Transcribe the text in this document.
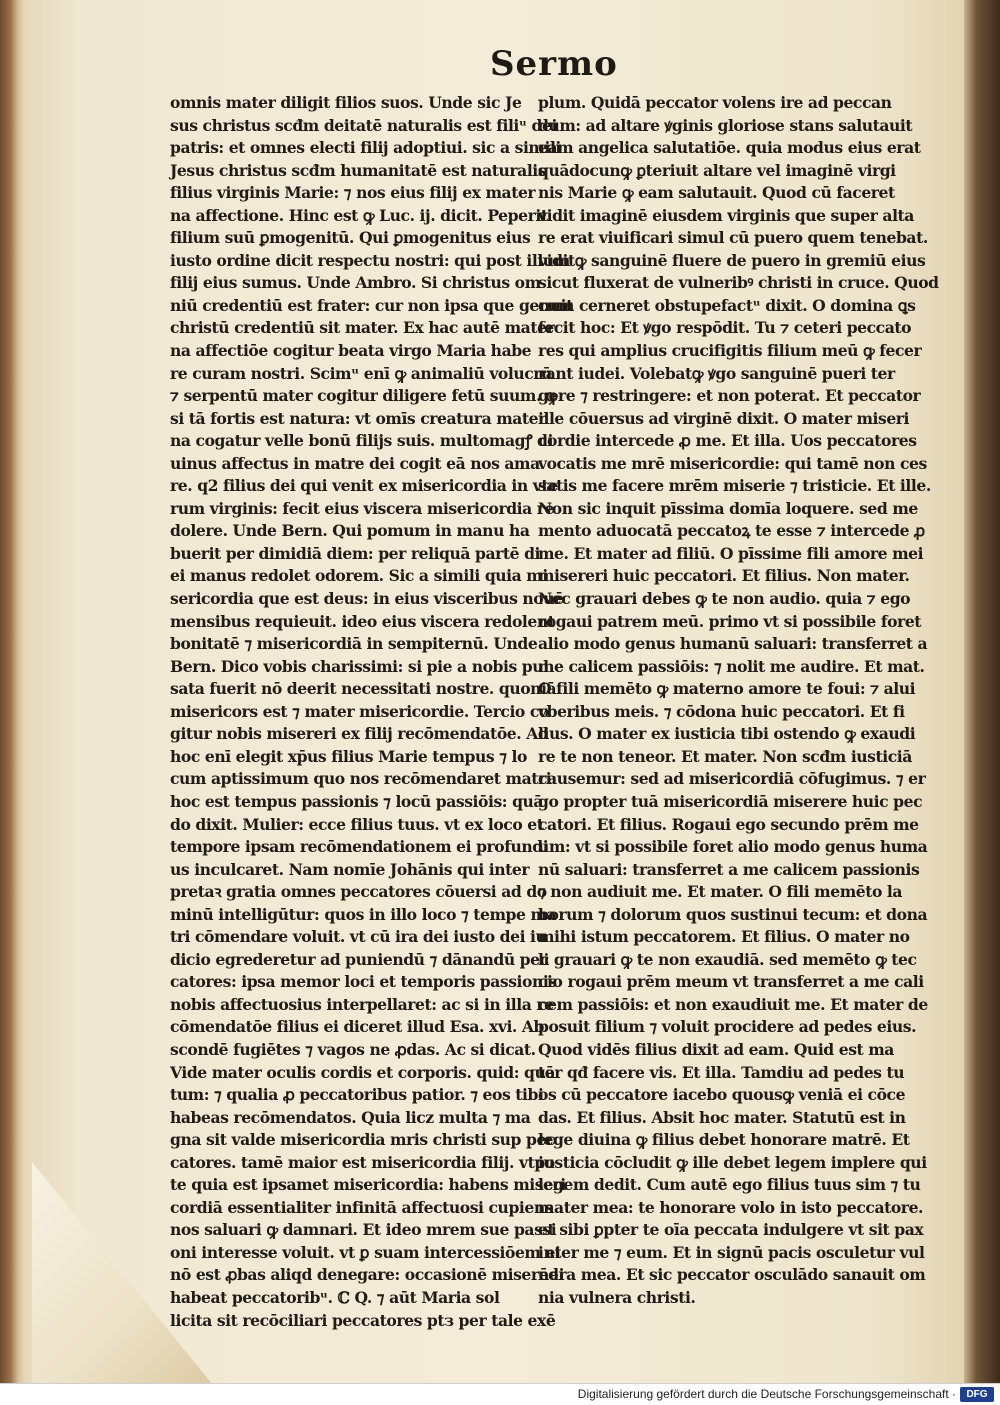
Sermo
omnis mater diligit filios suos. Unde sic Je
sus christus scđm deitatē naturalis est filiᵘ dei
patris: et omnes electi filij adoptiui. sic a simili
Jesus christus scđm humanitatē est naturalis
filius virginis Marie: ⁊ nos eius filij ex mater
na affectione. Hinc est ꝙ Luc. ij. dicit. Peperit
filium suū ꝑmogenitū. Qui ꝑmogenitus eius
iusto ordine dicit respectu nostri: qui post illum
filij eius sumus. Unde Ambro. Si christus om
niū credentiū est frater: cur non ipsa que genuit
christū credentiū sit mater. Ex hac autē mater
na affectiōe cogitur beata virgo Maria habe
re curam nostri. Scimᵘ enī ꝙ animaliū volucrū
⁊ serpentū mater cogitur diligere fetū suum. ꝙ
si tā fortis est natura: vt omīs creatura mater
na cogatur velle bonū filijs suis. multomagꝭ di
uinus affectus in matre dei cogit eā nos ama
re. q2 filius dei qui venit ex misericordia in vte
rum virginis: fecit eius viscera misericordia re
dolere. Unde Bern. Qui pomum in manu ha
buerit per dimidiā diem: per reliquā partē di
ei manus redolet odorem. Sic a simili quia mi
sericordia que est deus: in eius visceribus nouē
mensibus requieuit. ideo eius viscera redolent
bonitatē ⁊ misericordiā in sempiternū. Unde
Bern. Dico vobis charissimi: si pie a nobis pul
sata fuerit nō deerit necessitati nostre. quoniā
misericors est ⁊ mater misericordie. Tercio co
gitur nobis misereri ex filij recōmendatōe. Ad
hoc enī elegit xp̄us filius Marie tempus ⁊ lo
cum aptissimum quo nos recōmendaret matri:
hoc est tempus passionis ⁊ locū passiōis: quā
do dixit. Mulier: ecce filius tuus. vt ex loco et
tempore ipsam recōmendationem ei profundi
us inculcaret. Nam nomīe Johānis qui inter
pretaꝛ gratia omnes peccatores cōuersi ad do
minū intelligūtur: quos in illo loco ⁊ tempe ma
tri cōmendare voluit. vt cū ira dei iusto dei iu
dicio egrederetur ad puniendū ⁊ dānandū pec
catores: ipsa memor loci et temporis passionis
nobis affectuosius interpellaret: ac si in illa re
cōmendatōe filius ei diceret illud Esa. xvi. Ab
scondē fugiētes ⁊ vagos ne ꝓdas. Ac si dicat.
Vide mater oculis cordis et corporis. quid: quā
tum: ⁊ qualia ꝓ peccatoribus patior. ⁊ eos tibi
habeas recōmendatos. Quia licz multa ⁊ ma
gna sit valde misericordia mris christi sup pec
catores. tamē maior est misericordia filij. vtpo
te quia est ipsamet misericordia: habens miseri
cordiā essentialiter infinitā affectuosi cupiens
nos saluari ꝙ damnari. Et ideo mrem sue passi
oni interesse voluit. vt ꝑ suam intercessiōem ei
nō est ꝓbas aliqd denegare: occasionē miserēdi
habeat peccatoribᵘ. ℂ Q. ⁊ aūt Maria sol
licita sit recōciliari peccatores ptз per tale exē
plum. Quidā peccator volens ire ad peccan
dum: ad altare ꝟginis gloriose stans salutauit
eam angelica salutatiōe. quia modus eius erat
quādocunꝙ ꝑteriuit altare vel imaginē virgi
nis Marie ꝙ eam salutauit. Quod cū faceret
vidit imaginē eiusdem virginis que super alta
re erat viuificari simul cū puero quem tenebat.
viditꝙ sanguinē fluere de puero in gremiū eius
sicut fluxerat de vulneribꝰ christi in cruce. Quod
cum cerneret obstupefactᵘ dixit. O domina ꝗs
fecit hoc: Et ꝟgo respōdit. Tu ⁊ ceteri peccato
res qui amplius crucifigitis filium meū ꝙ fecer
rant iudei. Volebatꝙ ꝟgo sanguinē pueri ter
gere ⁊ restringere: et non poterat. Et peccator
ille cōuersus ad virginē dixit. O mater miseri
cordie intercede ꝓ me. Et illa. Uos peccatores
vocatis me mrē misericordie: qui tamē non ces
satis me facere mrēm miserie ⁊ tristicie. Et ille.
Non sic inquit pīssima domīa loquere. sed me
mento aduocatā peccatoꝝ te esse ⁊ intercede ꝓ
me. Et mater ad filiū. O pīssime fili amore mei
misereri huic peccatori. Et filius. Non mater.
Nec grauari debes ꝙ te non audio. quia ⁊ ego
rogaui patrem meū. primo vt si possibile foret
alio modo genus humanū saluari: transferret a
me calicem passiōis: ⁊ nolit me audire. Et mat.
O fili memēto ꝙ materno amore te foui: ⁊ alui
vberibus meis. ⁊ cōdona huic peccatori. Et fi
lius. O mater ex iusticia tibi ostendo ꝙ exaudi
re te non teneor. Et mater. Non scđm iusticiā
causemur: sed ad misericordiā cōfugimus. ⁊ er
go propter tuā misericordiā miserere huic pec
catori. Et filius. Rogaui ego secundo prēm me
um: vt si possibile foret alio modo genus huma
nū saluari: transferret a me calicem passionis
⁊ non audiuit me. Et mater. O fili memēto la
borum ⁊ dolorum quos sustinui tecum: et dona
mihi istum peccatorem. Et filius. O mater no
li grauari ꝙ te non exaudiā. sed memēto ꝙ tec
cio rogaui prēm meum vt transferret a me cali
cem passiōis: et non exaudiuit me. Et mater de
posuit filium ⁊ voluit procidere ad pedes eius.
Quod vidēs filius dixit ad eam. Quid est ma
ter qđ facere vis. Et illa. Tamdiu ad pedes tu
os cū peccatore iacebo quousꝙ veniā ei cōce
das. Et filius. Absit hoc mater. Statutū est in
lege diuina ꝙ filius debet honorare matrē. Et
iusticia cōcludit ꝙ ille debet legem implere qui
legem dedit. Cum autē ego filius tuus sim ⁊ tu
mater mea: te honorare volo in isto peccatore.
et sibi ꝑpter te oīa peccata indulgere vt sit pax
inter me ⁊ eum. Et in signū pacis osculetur vul
nera mea. Et sic peccator osculādo sanauit om
nia vulnera christi.
Digitalisierung gefördert durch die Deutsche Forschungsgemeinschaft ·	DFG
